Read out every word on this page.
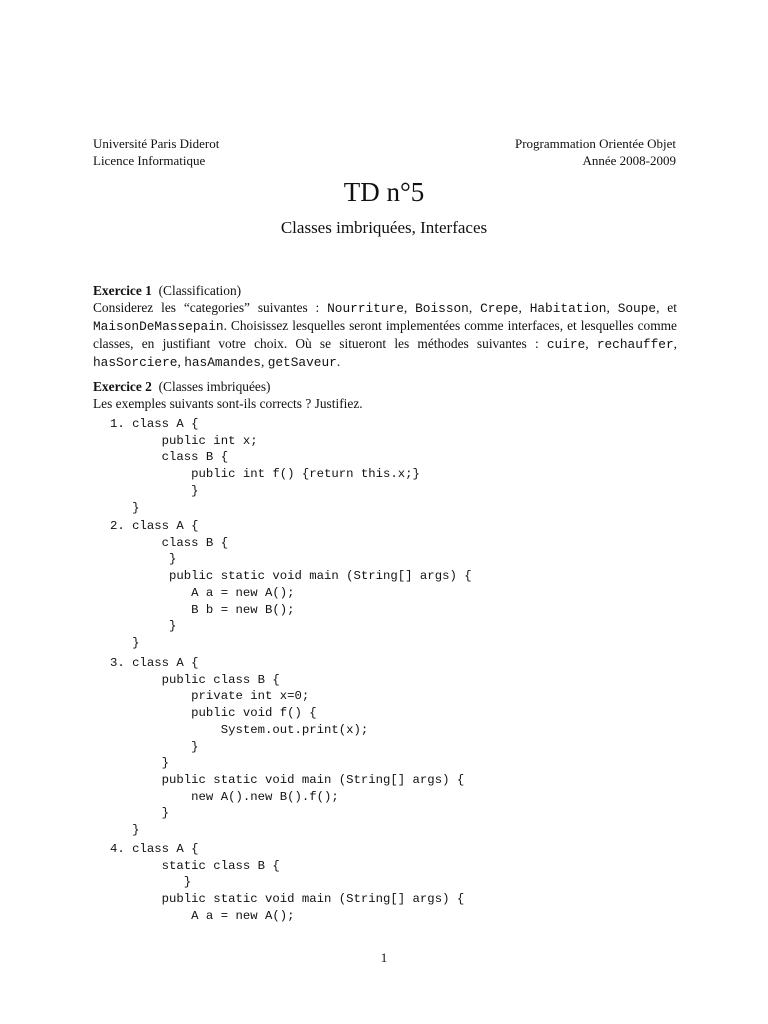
Université Paris Diderot
Licence Informatique
Programmation Orientée Objet
Année 2008-2009
TD n°5
Classes imbriquées, Interfaces
Exercice 1 (Classification)
Considerez les “categories” suivantes : Nourriture, Boisson, Crepe, Habitation, Soupe, et MaisonDeMassepain. Choisissez lesquelles seront implementées comme interfaces, et lesquelles comme classes, en justifiant votre choix. Où se situeront les méthodes suivantes : cuire, rechauffer, hasSorciere, hasAmandes, getSaveur.
Exercice 2 (Classes imbriquées)
Les exemples suivants sont-ils corrects ? Justifiez.
1. class A {
public int x;
class B {
public int f() {return this.x;}
}
}
2. class A {
class B {
}
public static void main (String[] args) {
A a = new A();
B b = new B();
}
}
3. class A {
public class B {
private int x=0;
public void f() {
System.out.print(x);
}
}
public static void main (String[] args) {
new A().new B().f();
}
}
4. class A {
static class B {
}
public static void main (String[] args) {
A a = new A();
1
